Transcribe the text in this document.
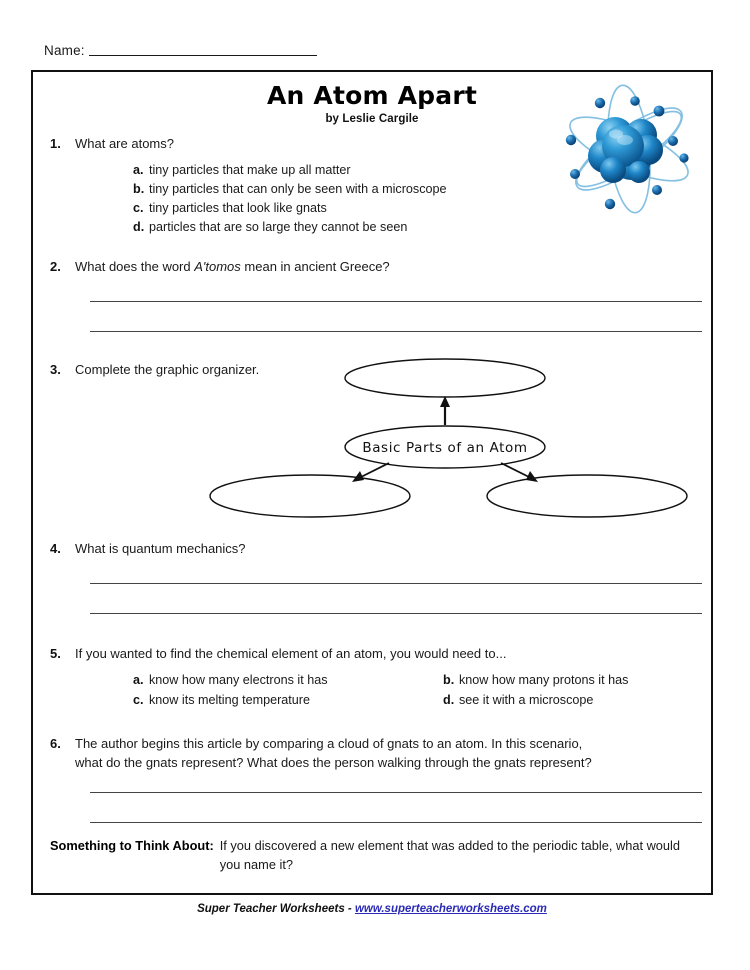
Name:
An Atom Apart
by Leslie Cargile
1.	What are atoms?
a. tiny particles that make up all matter
b. tiny particles that can only be seen with a microscope
c. tiny particles that look like gnats
d. particles that are so large they cannot be seen
2.	What does the word A'tomos mean in ancient Greece?
3.	Complete the graphic organizer.
Basic Parts of an Atom
4.	What is quantum mechanics?
5.	If you wanted to find the chemical element of an atom, you would need to...
a. know how many electrons it has	b. know how many protons it has
c. know its melting temperature	d. see it with a microscope
6.	The author begins this article by comparing a cloud of gnats to an atom. In this scenario,
what do the gnats represent? What does the person walking through the gnats represent?
Something to Think About: If you discovered a new element that was added to the periodic table, what would you name it?
Super Teacher Worksheets - www.superteacherworksheets.com
